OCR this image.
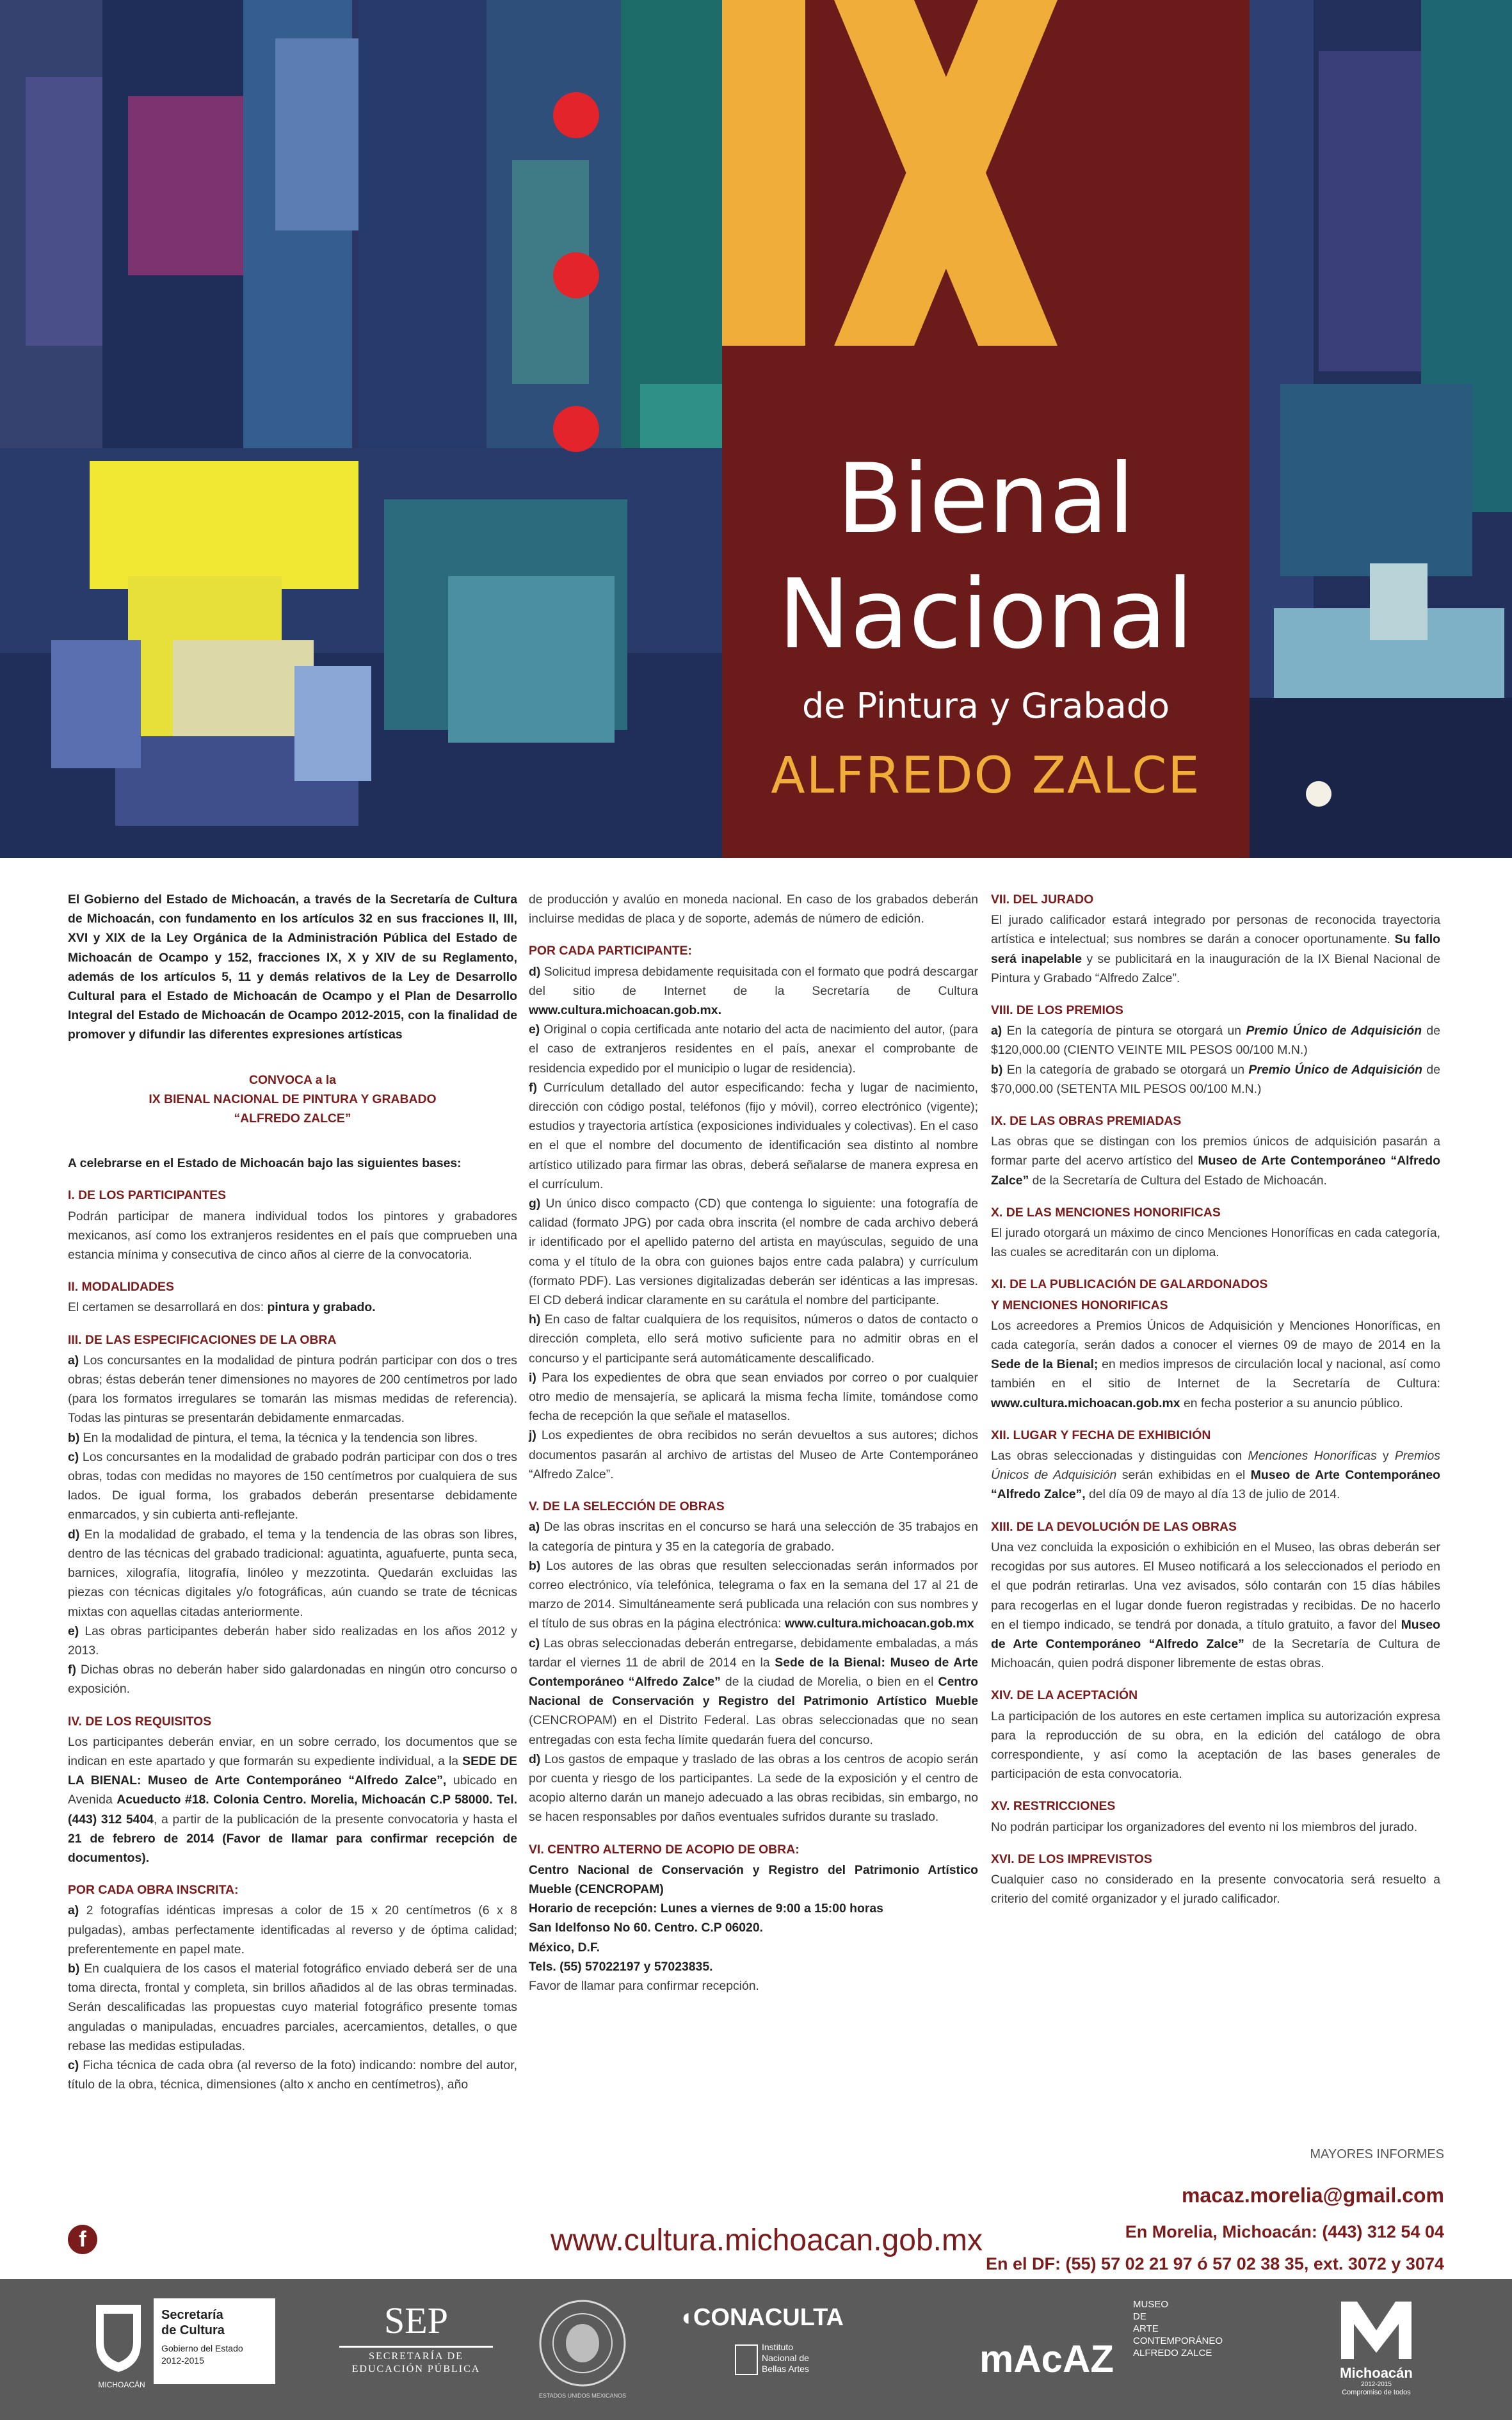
Bienal
Nacional
de Pintura y Grabado
ALFREDO ZALCE

El Gobierno del Estado de Michoacán, a través de la Secretaría de Cultura de Michoacán, con fundamento en los artículos 32 en sus fracciones II, III, XVI y XIX de la Ley Orgánica de la Administración Pública del Estado de Michoacán de Ocampo y 152, fracciones IX, X y XIV de su Reglamento, además de los artículos 5, 11 y demás relativos de la Ley de Desarrollo Cultural para el Estado de Michoacán de Ocampo y el Plan de Desarrollo Integral del Estado de Michoacán de Ocampo 2012-2015, con la finalidad de promover y difundir las diferentes expresiones artísticas

CONVOCA a la
IX BIENAL NACIONAL DE PINTURA Y GRABADO
“ALFREDO ZALCE”

A celebrarse en el Estado de Michoacán bajo las siguientes bases:

I. DE LOS PARTICIPANTES

Podrán participar de manera individual todos los pintores y grabadores mexicanos, así como los extranjeros residentes en el país que comprueben una estancia mínima y consecutiva de cinco años al cierre de la convocatoria.

II. MODALIDADES

El certamen se desarrollará en dos: pintura y grabado.

III. DE LAS ESPECIFICACIONES DE LA OBRA
a) Los concursantes en la modalidad de pintura podrán participar con dos o tres obras; éstas deberán tener dimensiones no mayores de 200 centímetros por lado (para los formatos irregulares se tomarán las mismas medidas de referencia). Todas las pinturas se presentarán debidamente enmarcadas.
b) En la modalidad de pintura, el tema, la técnica y la tendencia son libres.
c) Los concursantes en la modalidad de grabado podrán participar con dos o tres obras, todas con medidas no mayores de 150 centímetros por cualquiera de sus lados. De igual forma, los grabados deberán presentarse debidamente enmarcados, y sin cubierta anti-reflejante.
d) En la modalidad de grabado, el tema y la tendencia de las obras son libres, dentro de las técnicas del grabado tradicional: aguatinta, aguafuerte, punta seca, barnices, xilografía, litografía, linóleo y mezzotinta. Quedarán excluidas las piezas con técnicas digitales y/o fotográficas, aún cuando se trate de técnicas mixtas con aquellas citadas anteriormente.
e) Las obras participantes deberán haber sido realizadas en los años 2012 y 2013.
f) Dichas obras no deberán haber sido galardonadas en ningún otro concurso o exposición.
IV. DE LOS REQUISITOS

Los participantes deberán enviar, en un sobre cerrado, los documentos que se indican en este apartado y que formarán su expediente individual, a la SEDE DE LA BIENAL: Museo de Arte Contemporáneo “Alfredo Zalce”, ubicado en Avenida Acueducto #18. Colonia Centro. Morelia, Michoacán C.P 58000. Tel. (443) 312 5404, a partir de la publicación de la presente convocatoria y hasta el 21 de febrero de 2014 (Favor de llamar para confirmar recepción de documentos).

POR CADA OBRA INSCRITA:
a) 2 fotografías idénticas impresas a color de 15 x 20 centímetros (6 x 8 pulgadas), ambas perfectamente identificadas al reverso y de óptima calidad; preferentemente en papel mate.
b) En cualquiera de los casos el material fotográfico enviado deberá ser de una toma directa, frontal y completa, sin brillos añadidos al de las obras terminadas. Serán descalificadas las propuestas cuyo material fotográfico presente tomas anguladas o manipuladas, encuadres parciales, acercamientos, detalles, o que rebase las medidas estipuladas.
c) Ficha técnica de cada obra (al reverso de la foto) indicando: nombre del autor, título de la obra, técnica, dimensiones (alto x ancho en centímetros), año

de producción y avalúo en moneda nacional. En caso de los grabados deberán incluirse medidas de placa y de soporte, además de número de edición.

POR CADA PARTICIPANTE:
d) Solicitud impresa debidamente requisitada con el formato que podrá descargar del sitio de Internet de la Secretaría de Cultura www.cultura.michoacan.gob.mx.
e) Original o copia certificada ante notario del acta de nacimiento del autor, (para el caso de extranjeros residentes en el país, anexar el comprobante de residencia expedido por el municipio o lugar de residencia).
f) Currículum detallado del autor especificando: fecha y lugar de nacimiento, dirección con código postal, teléfonos (fijo y móvil), correo electrónico (vigente); estudios y trayectoria artística (exposiciones individuales y colectivas). En el caso en el que el nombre del documento de identificación sea distinto al nombre artístico utilizado para firmar las obras, deberá señalarse de manera expresa en el currículum.
g) Un único disco compacto (CD) que contenga lo siguiente: una fotografía de calidad (formato JPG) por cada obra inscrita (el nombre de cada archivo deberá ir identificado por el apellido paterno del artista en mayúsculas, seguido de una coma y el título de la obra con guiones bajos entre cada palabra) y currículum (formato PDF). Las versiones digitalizadas deberán ser idénticas a las impresas. El CD deberá indicar claramente en su carátula el nombre del participante.
h) En caso de faltar cualquiera de los requisitos, números o datos de contacto o dirección completa, ello será motivo suficiente para no admitir obras en el concurso y el participante será automáticamente descalificado.
i) Para los expedientes de obra que sean enviados por correo o por cualquier otro medio de mensajería, se aplicará la misma fecha límite, tomándose como fecha de recepción la que señale el matasellos.
j) Los expedientes de obra recibidos no serán devueltos a sus autores; dichos documentos pasarán al archivo de artistas del Museo de Arte Contemporáneo “Alfredo Zalce”.
V. DE LA SELECCIÓN DE OBRAS
a) De las obras inscritas en el concurso se hará una selección de 35 trabajos en la categoría de pintura y 35 en la categoría de grabado.
b) Los autores de las obras que resulten seleccionadas serán informados por correo electrónico, vía telefónica, telegrama o fax en la semana del 17 al 21 de marzo de 2014. Simultáneamente será publicada una relación con sus nombres y el título de sus obras en la página electrónica: www.cultura.michoacan.gob.mx
c) Las obras seleccionadas deberán entregarse, debidamente embaladas, a más tardar el viernes 11 de abril de 2014 en la Sede de la Bienal: Museo de Arte Contemporáneo “Alfredo Zalce” de la ciudad de Morelia, o bien en el Centro Nacional de Conservación y Registro del Patrimonio Artístico Mueble (CENCROPAM) en el Distrito Federal. Las obras seleccionadas que no sean entregadas con esta fecha límite quedarán fuera del concurso.
d) Los gastos de empaque y traslado de las obras a los centros de acopio serán por cuenta y riesgo de los participantes. La sede de la exposición y el centro de acopio alterno darán un manejo adecuado a las obras recibidas, sin embargo, no se hacen responsables por daños eventuales sufridos durante su traslado.
VI. CENTRO ALTERNO DE ACOPIO DE OBRA:
Centro Nacional de Conservación y Registro del Patrimonio Artístico Mueble (CENCROPAM)
Horario de recepción: Lunes a viernes de 9:00 a 15:00 horas
San Idelfonso No 60. Centro. C.P 06020.
México, D.F.
Tels. (55) 57022197 y 57023835.
Favor de llamar para confirmar recepción.
VII. DEL JURADO

El jurado calificador estará integrado por personas de reconocida trayectoria artística e intelectual; sus nombres se darán a conocer oportunamente. Su fallo será inapelable y se publicitará en la inauguración de la IX Bienal Nacional de Pintura y Grabado “Alfredo Zalce”.

VIII. DE LOS PREMIOS
a) En la categoría de pintura se otorgará un Premio Único de Adquisición de $120,000.00 (CIENTO VEINTE MIL PESOS 00/100 M.N.)
b) En la categoría de grabado se otorgará un Premio Único de Adquisición de $70,000.00 (SETENTA MIL PESOS 00/100 M.N.)
IX. DE LAS OBRAS PREMIADAS

Las obras que se distingan con los premios únicos de adquisición pasarán a formar parte del acervo artístico del Museo de Arte Contemporáneo “Alfredo Zalce” de la Secretaría de Cultura del Estado de Michoacán.

X. DE LAS MENCIONES HONORIFICAS

El jurado otorgará un máximo de cinco Menciones Honoríficas en cada categoría, las cuales se acreditarán con un diploma.

XI. DE LA PUBLICACIÓN DE GALARDONADOS
Y MENCIONES HONORIFICAS

Los acreedores a Premios Únicos de Adquisición y Menciones Honoríficas, en cada categoría, serán dados a conocer el viernes 09 de mayo de 2014 en la Sede de la Bienal; en medios impresos de circulación local y nacional, así como también en el sitio de Internet de la Secretaría de Cultura: www.cultura.michoacan.gob.mx en fecha posterior a su anuncio público.

XII. LUGAR Y FECHA DE EXHIBICIÓN

Las obras seleccionadas y distinguidas con Menciones Honoríficas y Premios Únicos de Adquisición serán exhibidas en el Museo de Arte Contemporáneo “Alfredo Zalce”, del día 09 de mayo al día 13 de julio de 2014.

XIII. DE LA DEVOLUCIÓN DE LAS OBRAS

Una vez concluida la exposición o exhibición en el Museo, las obras deberán ser recogidas por sus autores. El Museo notificará a los seleccionados el periodo en el que podrán retirarlas. Una vez avisados, sólo contarán con 15 días hábiles para recogerlas en el lugar donde fueron registradas y recibidas. De no hacerlo en el tiempo indicado, se tendrá por donada, a título gratuito, a favor del Museo de Arte Contemporáneo “Alfredo Zalce” de la Secretaría de Cultura de Michoacán, quien podrá disponer libremente de estas obras.

XIV. DE LA ACEPTACIÓN

La participación de los autores en este certamen implica su autorización expresa para la reproducción de su obra, en la edición del catálogo de obra correspondiente, y así como la aceptación de las bases generales de participación de esta convocatoria.

XV. RESTRICCIONES

No podrán participar los organizadores del evento ni los miembros del jurado.

XVI. DE LOS IMPREVISTOS

Cualquier caso no considerado en la presente convocatoria será resuelto a criterio del comité organizador y el jurado calificador.

MAYORES INFORMES
macaz.morelia@gmail.com
En Morelia, Michoacán: (443) 312 54 04
En el DF: (55) 57 02 21 97 ó 57 02 38 35, ext. 3072 y 3074
f	www.cultura.michoacan.gob.mx
MICHOACÁN
Secretaría
de Cultura
Gobierno del Estado
2012-2015
SEP
SECRETARÍA DE
EDUCACIÓN PÚBLICA
ESTADOS UNIDOS MEXICANOS
◖CONACULTA
Instituto
Nacional de
Bellas Artes	mAcAZ
MUSEO
DE
ARTE
CONTEMPORÁNEO
ALFREDO ZALCE
Michoacán
2012-2015
Compromiso de todos
